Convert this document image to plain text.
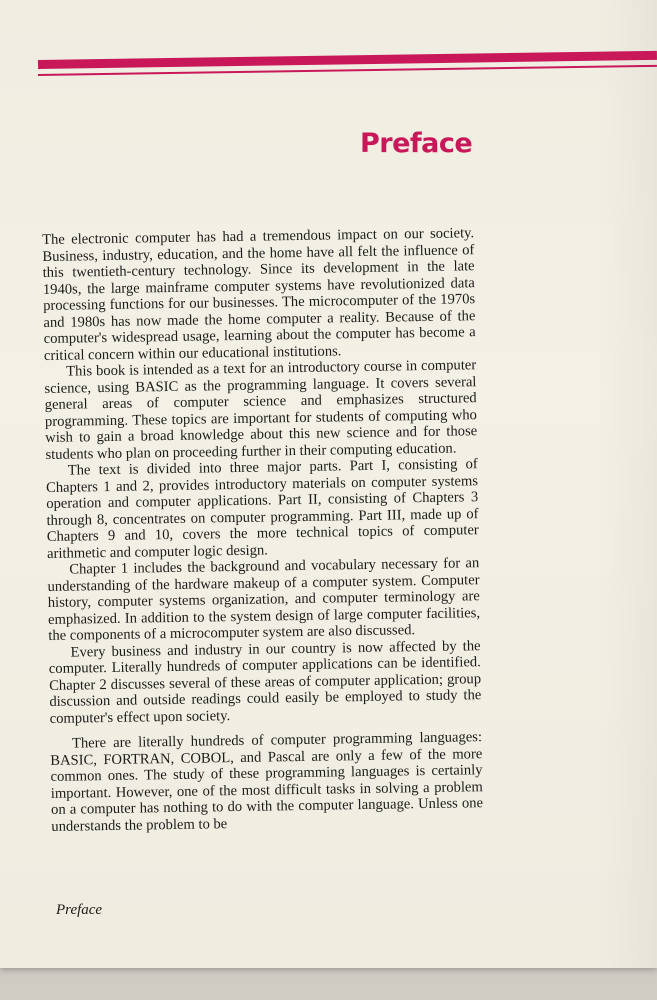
Preface

The electronic computer has had a tremendous impact on our society. Business, industry, education, and the home have all felt the influence of this twentieth-century technology. Since its development in the late 1940s, the large mainframe computer systems have revolutionized data processing functions for our businesses. The microcomputer of the 1970s and 1980s has now made the home computer a reality. Because of the computer's widespread usage, learning about the computer has become a critical concern within our educational institutions.

This book is intended as a text for an introductory course in computer science, using BASIC as the programming language. It covers several general areas of computer science and emphasizes structured programming. These topics are important for students of computing who wish to gain a broad knowledge about this new science and for those students who plan on proceeding further in their computing education.

The text is divided into three major parts. Part I, consisting of Chapters 1 and 2, provides introductory materials on computer systems operation and computer applications. Part II, consisting of Chapters 3 through 8, concentrates on computer programming. Part III, made up of Chapters 9 and 10, covers the more technical topics of computer arithmetic and computer logic design.

Chapter 1 includes the background and vocabulary necessary for an understanding of the hardware makeup of a computer system. Computer history, computer systems organization, and computer terminology are emphasized. In addition to the system design of large computer facilities, the components of a microcomputer system are also discussed.

Every business and industry in our country is now affected by the computer. Literally hundreds of computer applications can be identified. Chapter 2 discusses several of these areas of computer application; group discussion and outside readings could easily be employed to study the computer's effect upon society.

There are literally hundreds of computer programming languages: BASIC, FORTRAN, COBOL, and Pascal are only a few of the more common ones. The study of these programming languages is certainly important. However, one of the most difficult tasks in solving a problem on a computer has nothing to do with the computer language. Unless one understands the problem to be

Preface
